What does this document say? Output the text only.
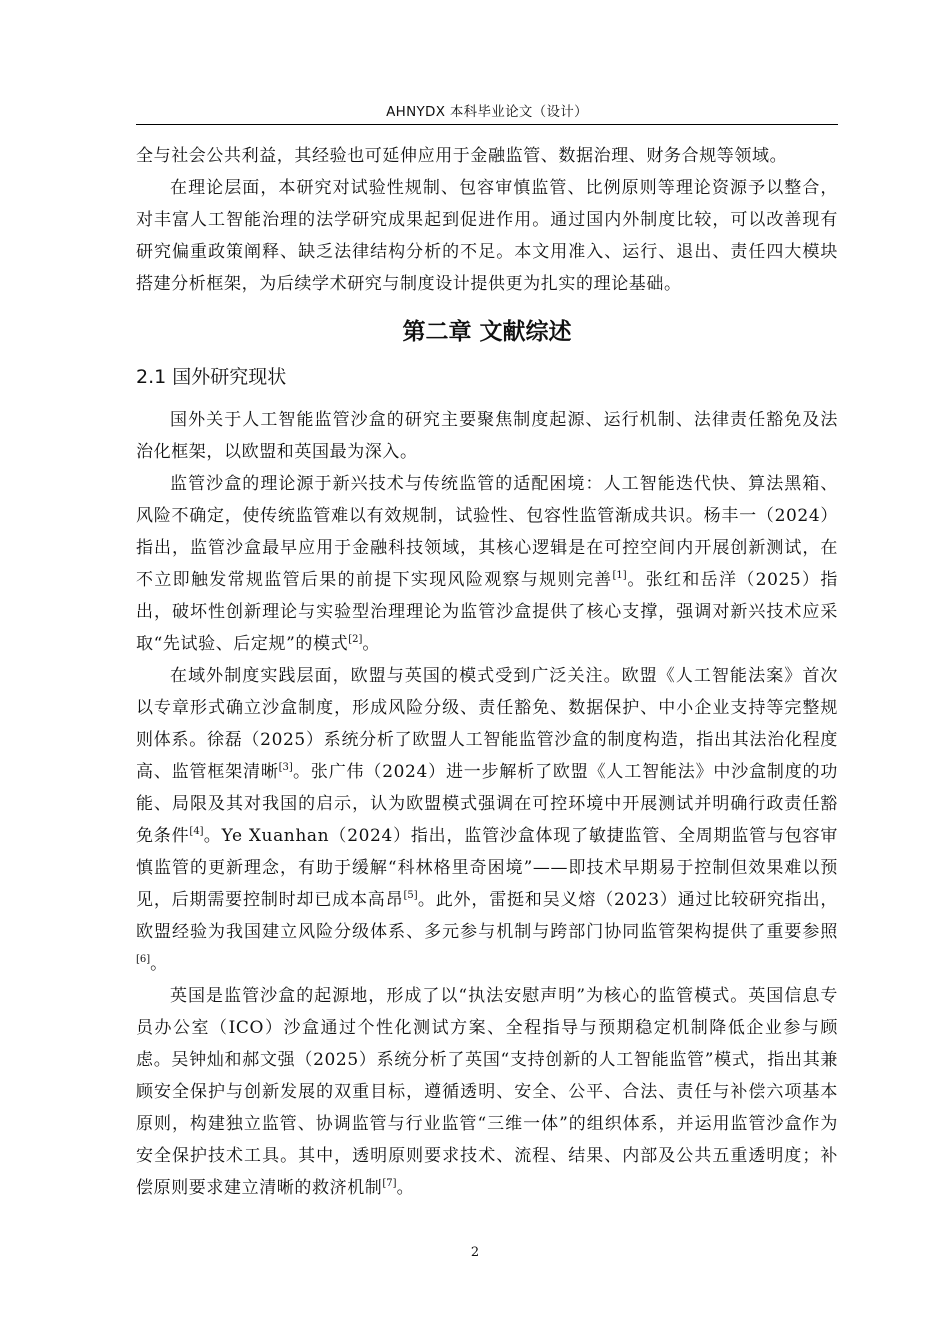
AHNYDX 本科毕业论文（设计）

全与社会公共利益，其经验也可延伸应用于金融监管、数据治理、财务合规等领域。

在理论层面，本研究对试验性规制、包容审慎监管、比例原则等理论资源予以整合，对丰富人工智能治理的法学研究成果起到促进作用。通过国内外制度比较，可以改善现有研究偏重政策阐释、缺乏法律结构分析的不足。本文用准入、运行、退出、责任四大模块搭建分析框架，为后续学术研究与制度设计提供更为扎实的理论基础。

第二章 文献综述
2.1 国外研究现状

国外关于人工智能监管沙盒的研究主要聚焦制度起源、运行机制、法律责任豁免及法治化框架，以欧盟和英国最为深入。

监管沙盒的理论源于新兴技术与传统监管的适配困境：人工智能迭代快、算法黑箱、风险不确定，使传统监管难以有效规制，试验性、包容性监管渐成共识。杨丰一（2024）指出，监管沙盒最早应用于金融科技领域，其核心逻辑是在可控空间内开展创新测试，在不立即触发常规监管后果的前提下实现风险观察与规则完善[1]。张红和岳洋（2025）指出，破坏性创新理论与实验型治理理论为监管沙盒提供了核心支撑，强调对新兴技术应采取“先试验、后定规”的模式[2]。

在域外制度实践层面，欧盟与英国的模式受到广泛关注。欧盟《人工智能法案》首次以专章形式确立沙盒制度，形成风险分级、责任豁免、数据保护、中小企业支持等完整规则体系。徐磊（2025）系统分析了欧盟人工智能监管沙盒的制度构造，指出其法治化程度高、监管框架清晰[3]。张广伟（2024）进一步解析了欧盟《人工智能法》中沙盒制度的功能、局限及其对我国的启示，认为欧盟模式强调在可控环境中开展测试并明确行政责任豁免条件[4]。Ye Xuanhan（2024）指出，监管沙盒体现了敏捷监管、全周期监管与包容审慎监管的更新理念，有助于缓解“科林格里奇困境”——即技术早期易于控制但效果难以预见，后期需要控制时却已成本高昂[5]。此外，雷挺和吴义熔（2023）通过比较研究指出，欧盟经验为我国建立风险分级体系、多元参与机制与跨部门协同监管架构提供了重要参照[6]。

英国是监管沙盒的起源地，形成了以“执法安慰声明”为核心的监管模式。英国信息专员办公室（ICO）沙盒通过个性化测试方案、全程指导与预期稳定机制降低企业参与顾虑。吴钟灿和郝文强（2025）系统分析了英国“支持创新的人工智能监管”模式，指出其兼顾安全保护与创新发展的双重目标，遵循透明、安全、公平、合法、责任与补偿六项基本原则，构建独立监管、协调监管与行业监管“三维一体”的组织体系，并运用监管沙盒作为安全保护技术工具。其中，透明原则要求技术、流程、结果、内部及公共五重透明度；补偿原则要求建立清晰的救济机制[7]。

2
